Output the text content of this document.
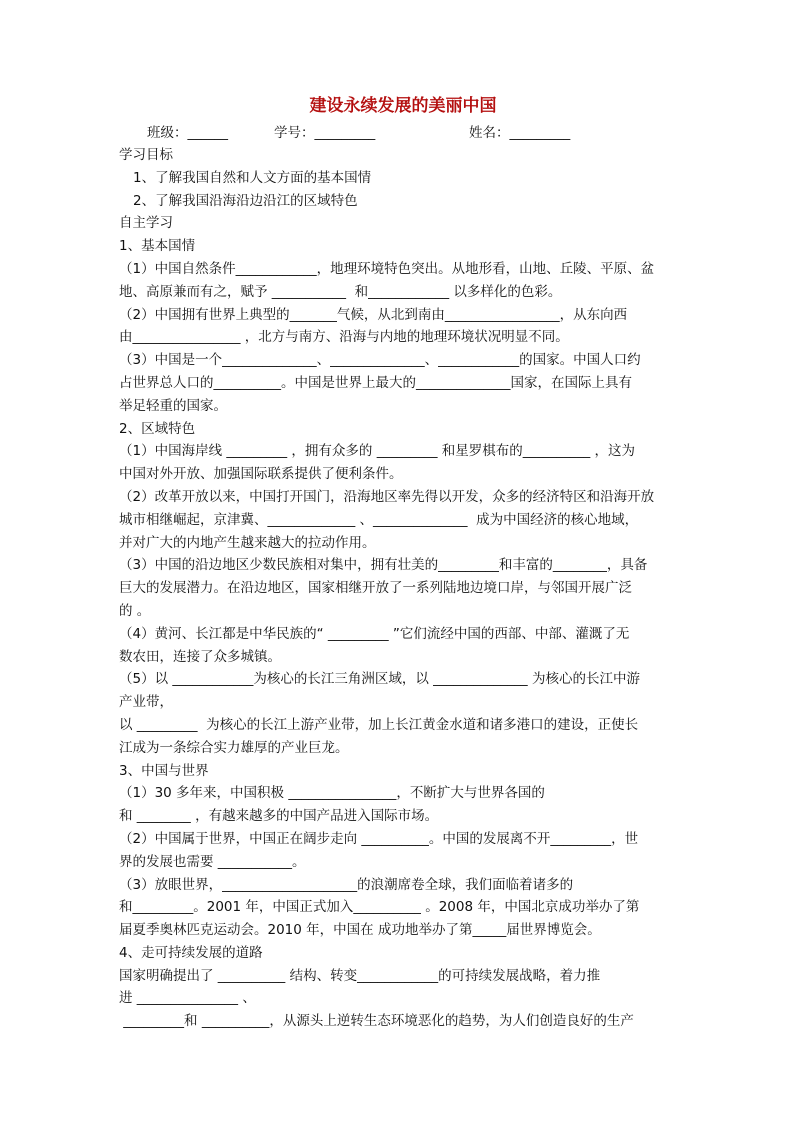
建设永续发展的美丽中国
班级：______	学号：_________	姓名：_________
学习目标
1、了解我国自然和人文方面的基本国情
2、了解我国沿海沿边沿江的区域特色
自主学习
1、基本国情
（1）中国自然条件____________，地理环境特色突出。从地形看，山地、丘陵、平原、盆
地、高原兼而有之，赋予 ___________  和____________ 以多样化的色彩。
（2）中国拥有世界上典型的_______气候，从北到南由_________________，从东向西
由________________ ，北方与南方、沿海与内地的地理环境状况明显不同。
（3）中国是一个______________、______________、____________的国家。中国人口约
占世界总人口的__________。中国是世界上最大的______________国家，在国际上具有
举足轻重的国家。
2、区域特色
（1）中国海岸线 _________ ，拥有众多的 _________ 和星罗棋布的__________ ，这为
中国对外开放、加强国际联系提供了便利条件。
（2）改革开放以来，中国打开国门，沿海地区率先得以开发，众多的经济特区和沿海开放
城市相继崛起，京津冀、_____________ 、______________  成为中国经济的核心地域，
并对广大的内地产生越来越大的拉动作用。
（3）中国的沿边地区少数民族相对集中，拥有壮美的_________和丰富的________，具备
巨大的发展潜力。在沿边地区，国家相继开放了一系列陆地边境口岸，与邻国开展广泛
的 。
（4）黄河、长江都是中华民族的“ _________ ”它们流经中国的西部、中部、灌溉了无
数农田，连接了众多城镇。
（5）以 ____________为核心的长江三角洲区域，以 ______________ 为核心的长江中游
产业带，
以 _________  为核心的长江上游产业带，加上长江黄金水道和诸多港口的建设，正使长
江成为一条综合实力雄厚的产业巨龙。
3、中国与世界
（1）30 多年来，中国积极 ________________，不断扩大与世界各国的
和 ________ ，有越来越多的中国产品进入国际市场。
（2）中国属于世界，中国正在阔步走向 __________。中国的发展离不开_________，世
界的发展也需要 ___________。
（3）放眼世界，____________________的浪潮席卷全球，我们面临着诸多的
和_________。2001 年，中国正式加入__________ 。2008 年，中国北京成功举办了第
届夏季奥林匹克运动会。2010 年，中国在 成功地举办了第_____届世界博览会。
4、走可持续发展的道路
国家明确提出了 __________ 结构、转变____________的可持续发展战略，着力推
进 _______________ 、
_________和 __________，从源头上逆转生态环境恶化的趋势，为人们创造良好的生产
